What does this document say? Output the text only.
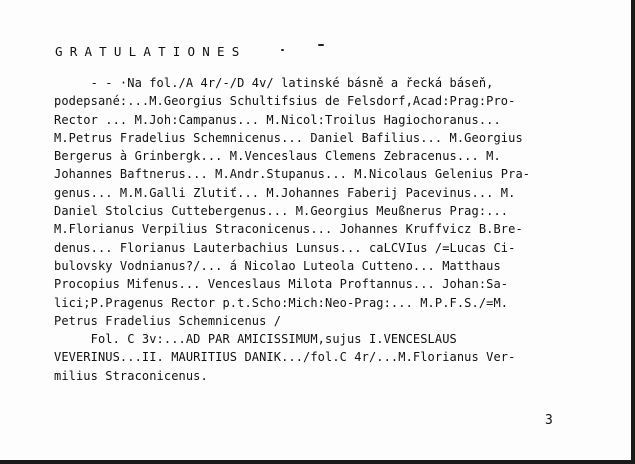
GRATULATIONES
- - ·Na fol./A 4r/-/D 4v/ latinské básně a řecká báseň,
podepsané:...M.Georgius Schultifsius de Felsdorf,Acad:Prag:Pro-
Rector ... M.Joh:Campanus... M.Nicol:Troilus Hagiochoranus...
M.Petrus Fradelius Schemnicenus... Daniel Bafilius... M.Georgius
Bergerus à Grinbergk... M.Venceslaus Clemens Zebracenus... M.
Johannes Baftnerus... M.Andr.Stupanus... M.Nicolaus Gelenius Pra-
genus... M.M.Galli Zlutiť... M.Johannes Faberij Pacevinus... M.
Daniel Stolcius Cuttebergenus... M.Georgius Meußnerus Prag:...
M.Florianus Verpilius Straconicenus... Johannes Kruffvicz B.Bre-
denus... Florianus Lauterbachius Lunsus... caLCVIus /=Lucas Ci-
bulovsky Vodnianus?/... á Nicolao Luteola Cutteno... Matthaus
Procopius Mifenus... Venceslaus Milota Proftannus... Johan:Sa-
lici;P.Pragenus Rector p.t.Scho:Mich:Neo-Prag:... M.P.F.S./=M.
Petrus Fradelius Schemnicenus /
Fol. C 3v:...AD PAR AMICISSIMUM,sujus I.VENCESLAUS
VEVERINUS...II. MAURITIUS DANIK.../fol.C 4r/...M.Florianus Ver-
milius Straconicenus.
3
